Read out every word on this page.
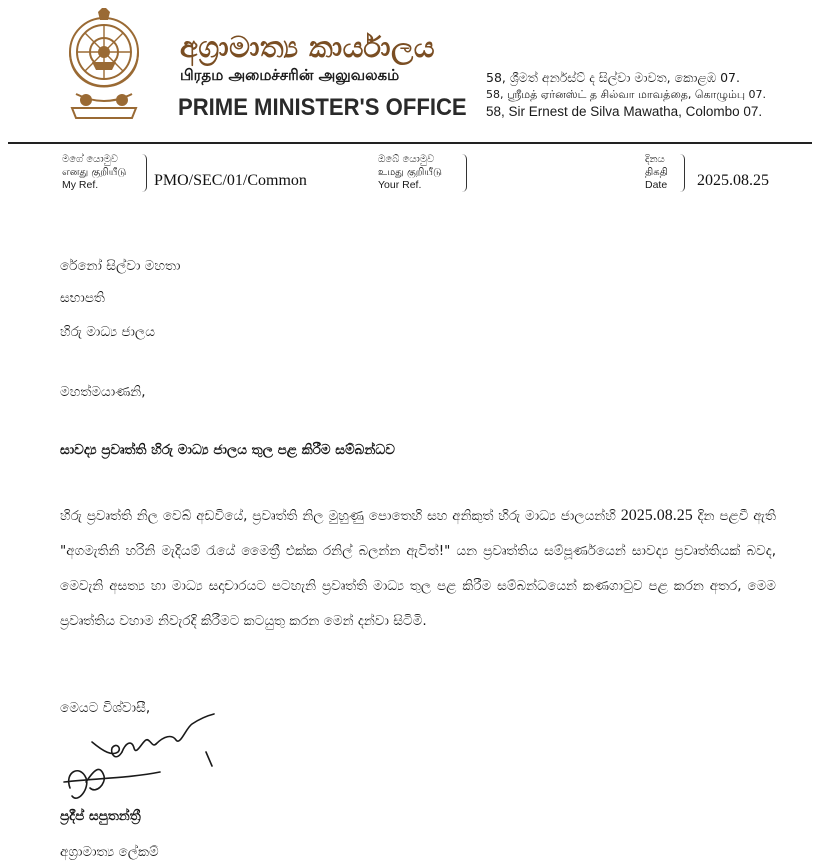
අග්‍රාමාත්‍ය කාර්යාලය
பிரதம அமைச்சரின் அலுவலகம்
PRIME MINISTER'S OFFICE
58, ශ්‍රීමත් අර්නස්ට් ද සිල්වා මාවත, කොළඹ 07.
58, ஸ்ரீமத் ஏர்னஸ்ட் த சில்வா மாவத்தை, கொழும்பு 07.
58, Sir Ernest de Silva Mawatha, Colombo 07.
මගේ යොමුව
எனது குறியீடு
My Ref.	PMO/SEC/01/Common
ඔබේ යොමුව
உமது குறியீடு
Your Ref.
දිනය
திகதி
Date 2025.08.25
රේනෝ සිල්වා මහතා
සභාපති
හිරු මාධ්‍ය ජාලය
මහත්මයාණනි,
සාවද්‍ය ප්‍රවෘත්ති හිරු මාධ්‍ය ජාලය තුල පළ කිරීම සම්බන්ධව
හිරු ප්‍රවෘත්ති නිල වෙබ් අඩවියේ, ප්‍රවෘත්ති නිල මුහුණු පොතෙහි සහ අනිකුත් හිරු මාධ්‍ය ජාලයන්හි 2025.08.25 දින පළවී ඇති "අගමැතිනි හරිනි මැදියම් රැයේ මෛත්‍රී එක්ක රනිල් බලන්න ඇවිත්!" යන ප්‍රවෘත්තිය සම්පූර්ණයෙන් සාවද්‍ය ප්‍රවෘත්තියක් බවද, මෙවැනි අසත්‍ය හා මාධ්‍ය සදාචාරයට පටහැනි ප්‍රවෘත්ති මාධ්‍ය තුල පළ කිරීම සම්බන්ධයෙන් කණගාටුව පළ කරන අතර, මෙම ප්‍රවෘත්තිය වහාම නිවැරදි කිරීමට කටයුතු කරන මෙන් දන්වා සිටිමි.
මෙයට විශ්වාසී,
ප්‍රදීප් සපුතන්ත්‍රී
අග්‍රාමාත්‍ය ලේකම්
